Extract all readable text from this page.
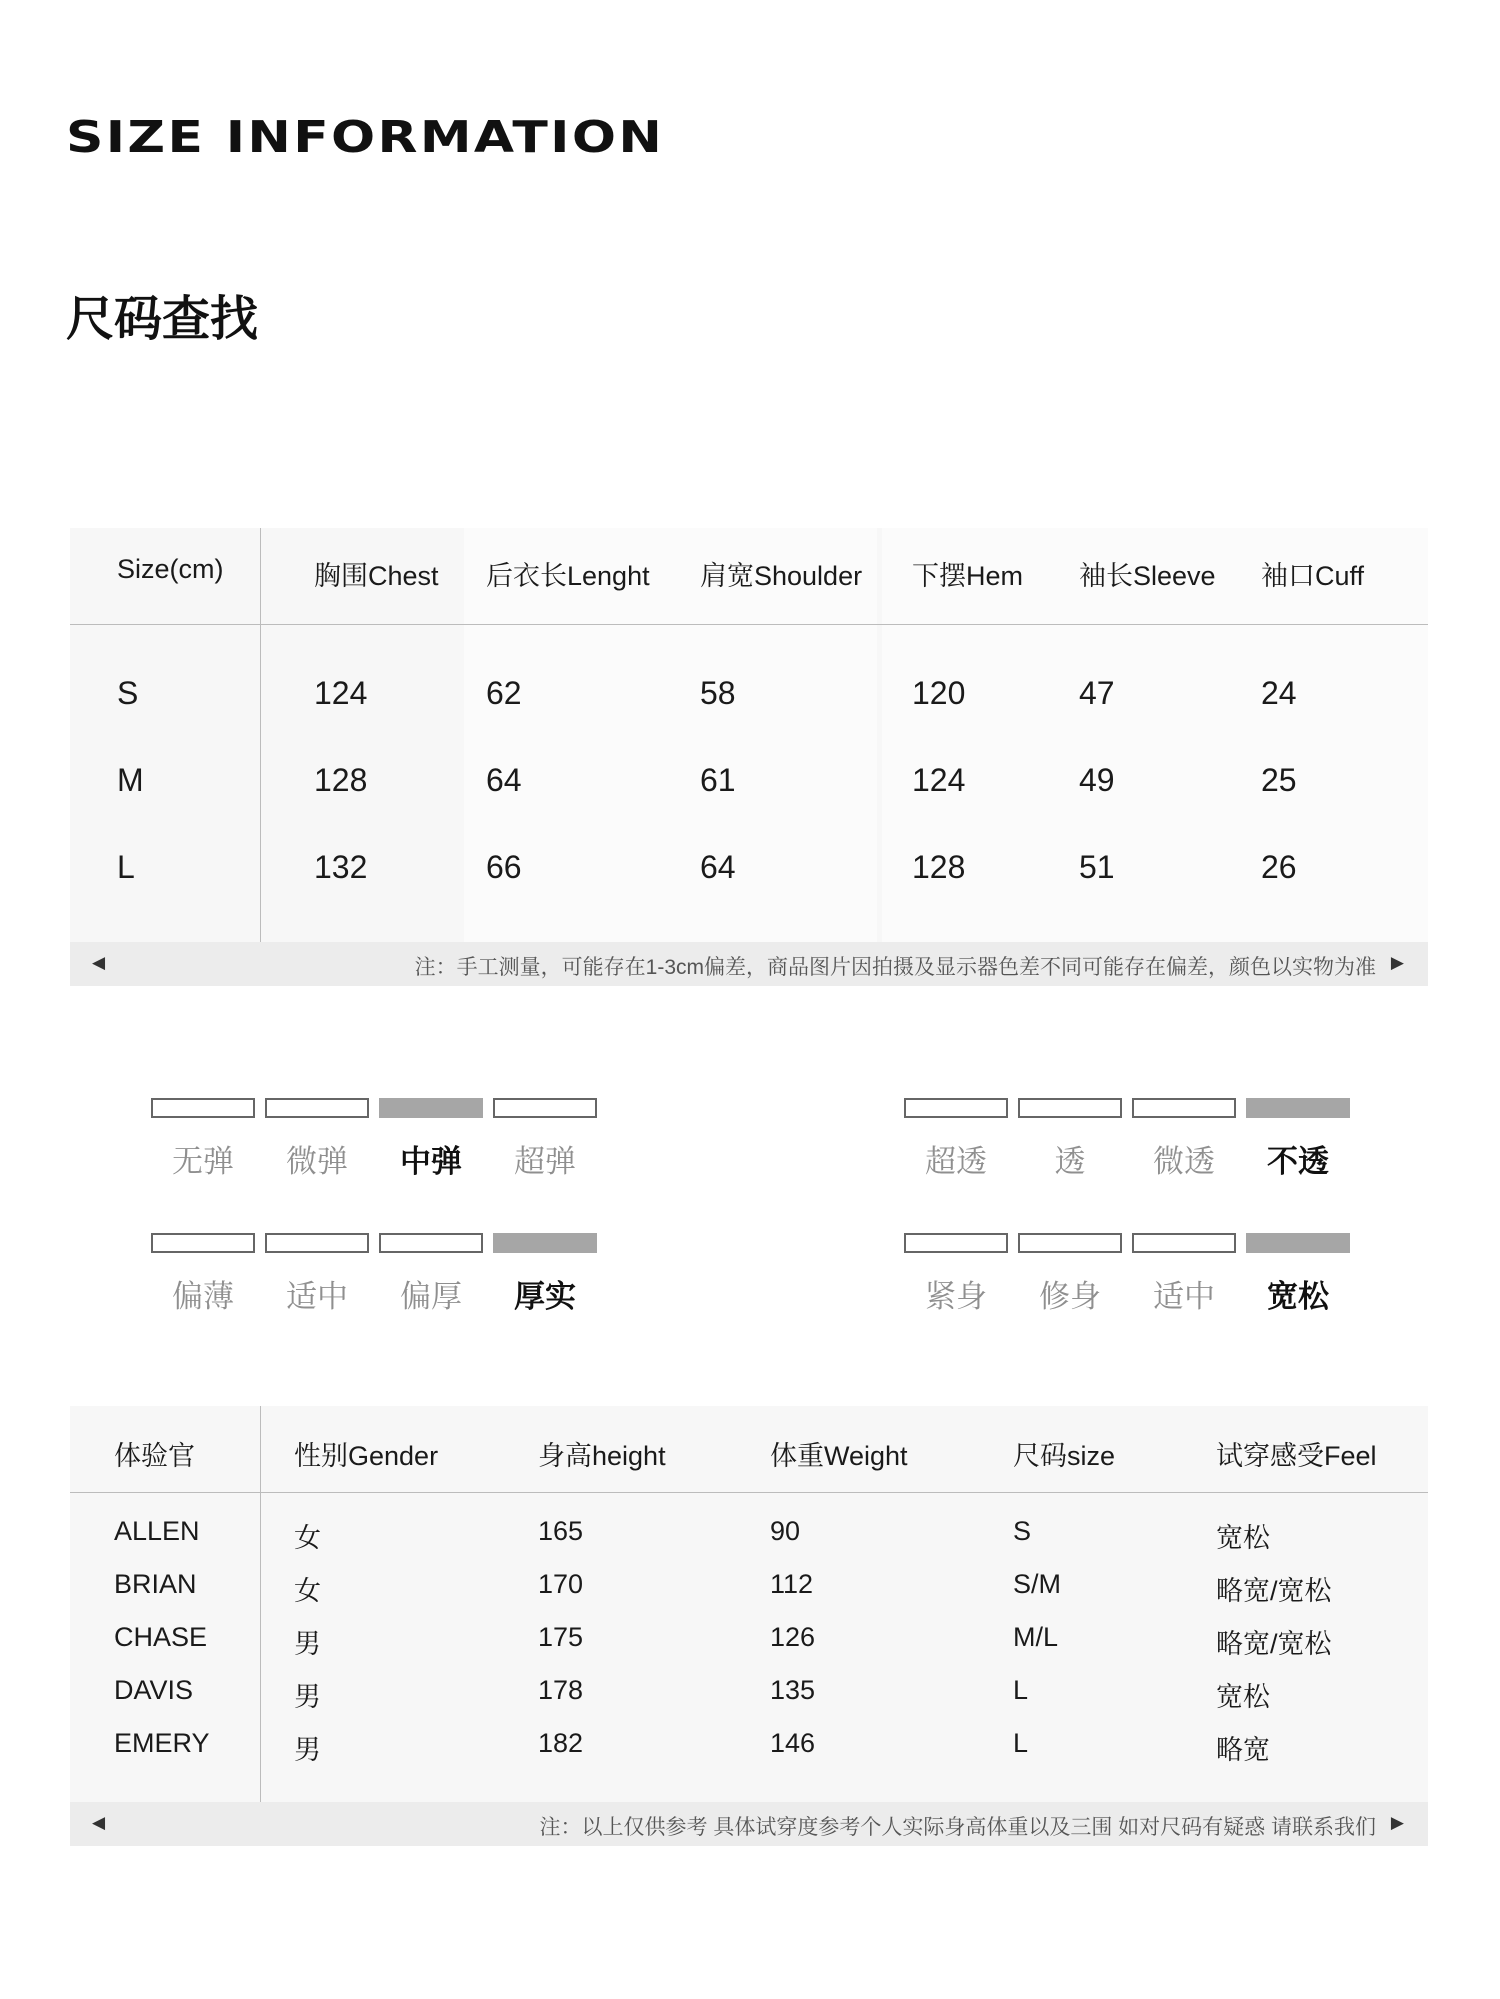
SIZE INFORMATION
尺码查找
Size(cm)	胸围Chest 后衣长Lenght 肩宽Shoulder 下摆Hem 袖长Sleeve 袖口Cuff
S	124	62	58	120	47	24
M	128	64	61	124	49	25
L	132	66	64	128	51	26
◀	注：手工测量，可能存在1-3cm偏差，商品图片因拍摄及显示器色差不同可能存在偏差，颜色以实物为准 ▶
无弹	微弹	中弹	超弹	超透	透	微透	不透
偏薄	适中	偏厚	厚实	紧身	修身	适中	宽松
体验官	性别Gender	身高height	体重Weight	尺码size	试穿感受Feel
ALLEN	女	165	90	S	宽松
BRIAN	女	170	112	S/M	略宽/宽松
CHASE	男	175	126	M/L	略宽/宽松
DAVIS	男	178	135	L	宽松
EMERY	男	182	146	L	略宽
◀	注：以上仅供参考 具体试穿度参考个人实际身高体重以及三围 如对尺码有疑惑 请联系我们 ▶
